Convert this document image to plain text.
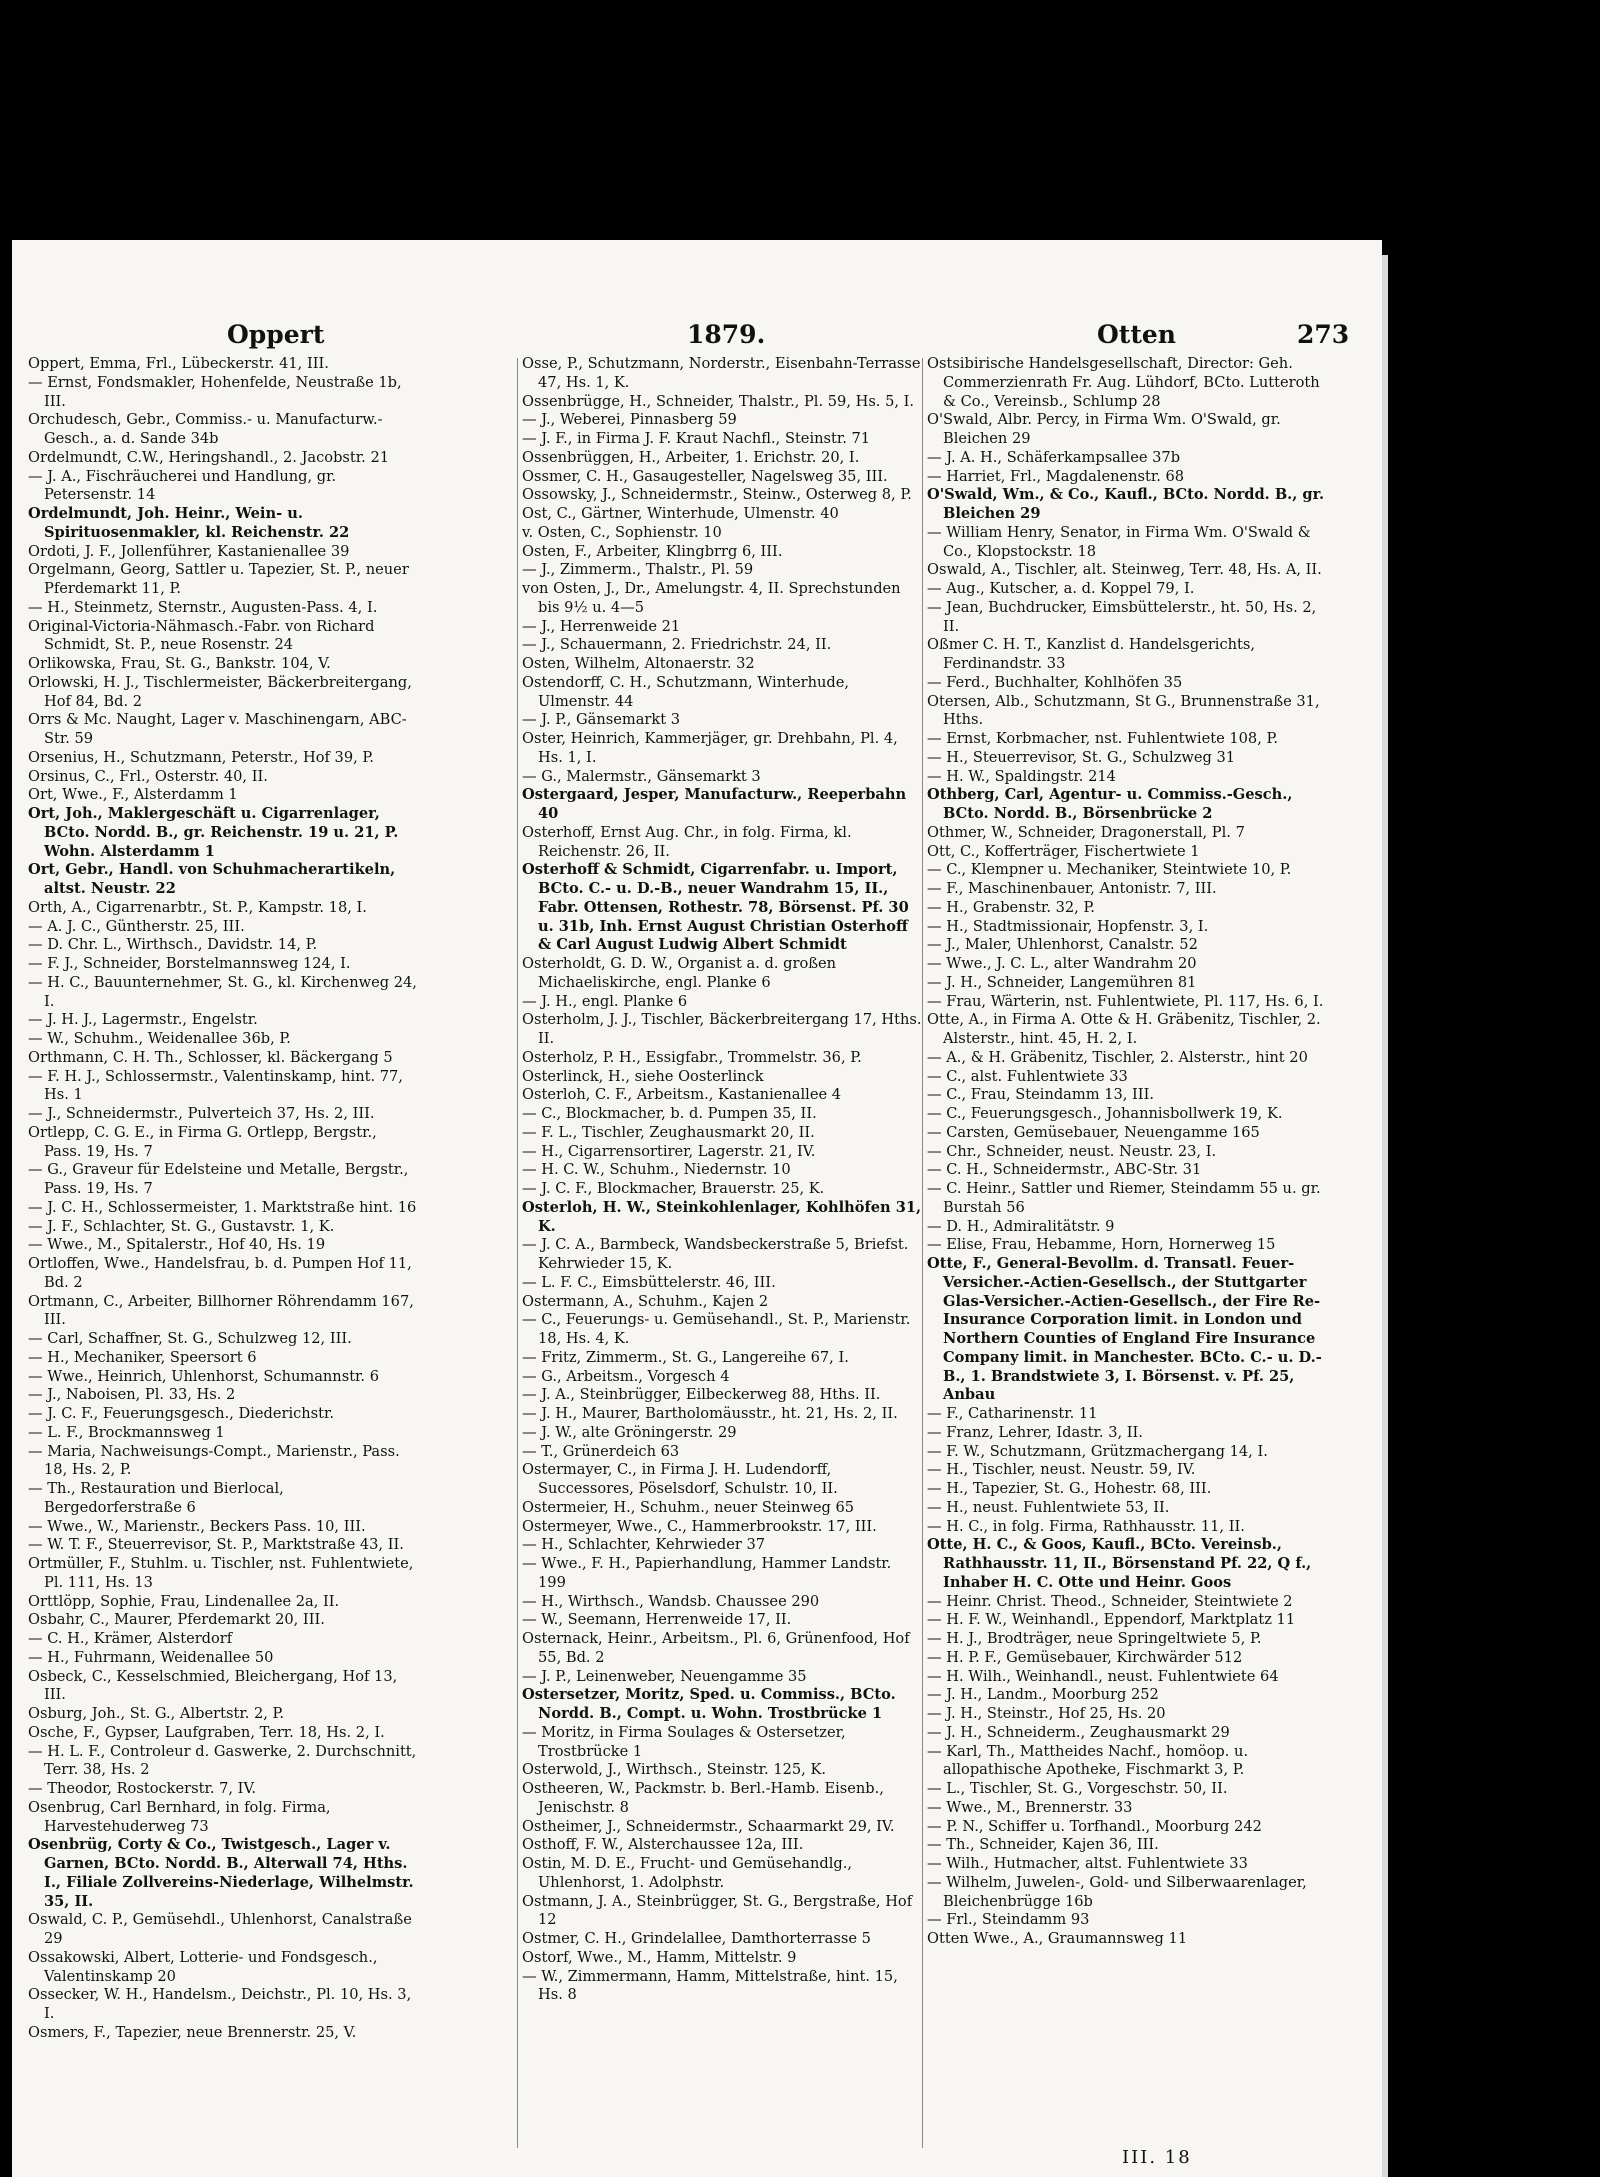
Oppert	1879.	Otten	273

Oppert, Emma, Frl., Lübeckerstr. 41, III.

— Ernst, Fondsmakler, Hohenfelde, Neustraße 1b, III.

Orchudesch, Gebr., Commiss.- u. Manufacturw.-Gesch., a. d. Sande 34b

Ordelmundt, C.W., Heringshandl., 2. Jacobstr. 21

— J. A., Fischräucherei und Handlung, gr. Petersenstr. 14

Ordelmundt, Joh. Heinr., Wein- u. Spirituosenmakler, kl. Reichenstr. 22

Ordoti, J. F., Jollenführer, Kastanienallee 39

Orgelmann, Georg, Sattler u. Tapezier, St. P., neuer Pferdemarkt 11, P.

— H., Steinmetz, Sternstr., Augusten-Pass. 4, I.

Original-Victoria-Nähmasch.-Fabr. von Richard Schmidt, St. P., neue Rosenstr. 24

Orlikowska, Frau, St. G., Bankstr. 104, V.

Orlowski, H. J., Tischlermeister, Bäckerbreitergang, Hof 84, Bd. 2

Orrs & Mc. Naught, Lager v. Maschinengarn, ABC-Str. 59

Orsenius, H., Schutzmann, Peterstr., Hof 39, P.

Orsinus, C., Frl., Osterstr. 40, II.

Ort, Wwe., F., Alsterdamm 1

Ort, Joh., Maklergeschäft u. Cigarrenlager, BCto. Nordd. B., gr. Reichenstr. 19 u. 21, P. Wohn. Alsterdamm 1

Ort, Gebr., Handl. von Schuhmacherartikeln, altst. Neustr. 22

Orth, A., Cigarrenarbtr., St. P., Kampstr. 18, I.

— A. J. C., Güntherstr. 25, III.

— D. Chr. L., Wirthsch., Davidstr. 14, P.

— F. J., Schneider, Borstelmannsweg 124, I.

— H. C., Bauunternehmer, St. G., kl. Kirchenweg 24, I.

— J. H. J., Lagermstr., Engelstr.

— W., Schuhm., Weidenallee 36b, P.

Orthmann, C. H. Th., Schlosser, kl. Bäckergang 5

— F. H. J., Schlossermstr., Valentinskamp, hint. 77, Hs. 1

— J., Schneidermstr., Pulverteich 37, Hs. 2, III.

Ortlepp, C. G. E., in Firma G. Ortlepp, Bergstr., Pass. 19, Hs. 7

— G., Graveur für Edelsteine und Metalle, Bergstr., Pass. 19, Hs. 7

— J. C. H., Schlossermeister, 1. Marktstraße hint. 16

— J. F., Schlachter, St. G., Gustavstr. 1, K.

— Wwe., M., Spitalerstr., Hof 40, Hs. 19

Ortloffen, Wwe., Handelsfrau, b. d. Pumpen Hof 11, Bd. 2

Ortmann, C., Arbeiter, Billhorner Röhrendamm 167, III.

— Carl, Schaffner, St. G., Schulzweg 12, III.

— H., Mechaniker, Speersort 6

— Wwe., Heinrich, Uhlenhorst, Schumannstr. 6

— J., Naboisen, Pl. 33, Hs. 2

— J. C. F., Feuerungsgesch., Diederichstr.

— L. F., Brockmannsweg 1

— Maria, Nachweisungs-Compt., Marienstr., Pass. 18, Hs. 2, P.

— Th., Restauration und Bierlocal, Bergedorferstraße 6

— Wwe., W., Marienstr., Beckers Pass. 10, III.

— W. T. F., Steuerrevisor, St. P., Marktstraße 43, II.

Ortmüller, F., Stuhlm. u. Tischler, nst. Fuhlentwiete, Pl. 111, Hs. 13

Orttlöpp, Sophie, Frau, Lindenallee 2a, II.

Osbahr, C., Maurer, Pferdemarkt 20, III.

— C. H., Krämer, Alsterdorf

— H., Fuhrmann, Weidenallee 50

Osbeck, C., Kesselschmied, Bleichergang, Hof 13, III.

Osburg, Joh., St. G., Albertstr. 2, P.

Osche, F., Gypser, Laufgraben, Terr. 18, Hs. 2, I.

— H. L. F., Controleur d. Gaswerke, 2. Durchschnitt, Terr. 38, Hs. 2

— Theodor, Rostockerstr. 7, IV.

Osenbrug, Carl Bernhard, in folg. Firma, Harvestehuderweg 73

Osenbrüg, Corty & Co., Twistgesch., Lager v. Garnen, BCto. Nordd. B., Alterwall 74, Hths. I., Filiale Zollvereins-Niederlage, Wilhelmstr. 35, II.

Oswald, C. P., Gemüsehdl., Uhlenhorst, Canalstraße 29

Ossakowski, Albert, Lotterie- und Fondsgesch., Valentinskamp 20

Ossecker, W. H., Handelsm., Deichstr., Pl. 10, Hs. 3, I.

Osmers, F., Tapezier, neue Brennerstr. 25, V.

Osse, P., Schutzmann, Norderstr., Eisenbahn-Terrasse 47, Hs. 1, K.

Ossenbrügge, H., Schneider, Thalstr., Pl. 59, Hs. 5, I.

— J., Weberei, Pinnasberg 59

— J. F., in Firma J. F. Kraut Nachfl., Steinstr. 71

Ossenbrüggen, H., Arbeiter, 1. Erichstr. 20, I.

Ossmer, C. H., Gasaugesteller, Nagelsweg 35, III.

Ossowsky, J., Schneidermstr., Steinw., Osterweg 8, P.

Ost, C., Gärtner, Winterhude, Ulmenstr. 40

v. Osten, C., Sophienstr. 10

Osten, F., Arbeiter, Klingbrrg 6, III.

— J., Zimmerm., Thalstr., Pl. 59

von Osten, J., Dr., Amelungstr. 4, II. Sprechstunden bis 9½ u. 4—5

— J., Herrenweide 21

— J., Schauermann, 2. Friedrichstr. 24, II.

Osten, Wilhelm, Altonaerstr. 32

Ostendorff, C. H., Schutzmann, Winterhude, Ulmenstr. 44

— J. P., Gänsemarkt 3

Oster, Heinrich, Kammerjäger, gr. Drehbahn, Pl. 4, Hs. 1, I.

— G., Malermstr., Gänsemarkt 3

Ostergaard, Jesper, Manufacturw., Reeperbahn 40

Osterhoff, Ernst Aug. Chr., in folg. Firma, kl. Reichenstr. 26, II.

Osterhoff & Schmidt, Cigarrenfabr. u. Import, BCto. C.- u. D.-B., neuer Wandrahm 15, II., Fabr. Ottensen, Rothestr. 78, Börsenst. Pf. 30 u. 31b, Inh. Ernst August Christian Osterhoff & Carl August Ludwig Albert Schmidt

Osterholdt, G. D. W., Organist a. d. großen Michaeliskirche, engl. Planke 6

— J. H., engl. Planke 6

Osterholm, J. J., Tischler, Bäckerbreitergang 17, Hths. II.

Osterholz, P. H., Essigfabr., Trommelstr. 36, P.

Osterlinck, H., siehe Oosterlinck

Osterloh, C. F., Arbeitsm., Kastanienallee 4

— C., Blockmacher, b. d. Pumpen 35, II.

— F. L., Tischler, Zeughausmarkt 20, II.

— H., Cigarrensortirer, Lagerstr. 21, IV.

— H. C. W., Schuhm., Niedernstr. 10

— J. C. F., Blockmacher, Brauerstr. 25, K.

Osterloh, H. W., Steinkohlenlager, Kohlhöfen 31, K.

— J. C. A., Barmbeck, Wandsbeckerstraße 5, Briefst. Kehrwieder 15, K.

— L. F. C., Eimsbüttelerstr. 46, III.

Ostermann, A., Schuhm., Kajen 2

— C., Feuerungs- u. Gemüsehandl., St. P., Marienstr. 18, Hs. 4, K.

— Fritz, Zimmerm., St. G., Langereihe 67, I.

— G., Arbeitsm., Vorgesch 4

— J. A., Steinbrügger, Eilbeckerweg 88, Hths. II.

— J. H., Maurer, Bartholomäusstr., ht. 21, Hs. 2, II.

— J. W., alte Gröningerstr. 29

— T., Grünerdeich 63

Ostermayer, C., in Firma J. H. Ludendorff, Successores, Pöselsdorf, Schulstr. 10, II.

Ostermeier, H., Schuhm., neuer Steinweg 65

Ostermeyer, Wwe., C., Hammerbrookstr. 17, III.

— H., Schlachter, Kehrwieder 37

— Wwe., F. H., Papierhandlung, Hammer Landstr. 199

— H., Wirthsch., Wandsb. Chaussee 290

— W., Seemann, Herrenweide 17, II.

Osternack, Heinr., Arbeitsm., Pl. 6, Grünenfood, Hof 55, Bd. 2

— J. P., Leinenweber, Neuengamme 35

Ostersetzer, Moritz, Sped. u. Commiss., BCto. Nordd. B., Compt. u. Wohn. Trostbrücke 1

— Moritz, in Firma Soulages & Ostersetzer, Trostbrücke 1

Osterwold, J., Wirthsch., Steinstr. 125, K.

Ostheeren, W., Packmstr. b. Berl.-Hamb. Eisenb., Jenischstr. 8

Ostheimer, J., Schneidermstr., Schaarmarkt 29, IV.

Osthoff, F. W., Alsterchaussee 12a, III.

Ostin, M. D. E., Frucht- und Gemüsehandlg., Uhlenhorst, 1. Adolphstr.

Ostmann, J. A., Steinbrügger, St. G., Bergstraße, Hof 12

Ostmer, C. H., Grindelallee, Damthorterrasse 5

Ostorf, Wwe., M., Hamm, Mittelstr. 9

— W., Zimmermann, Hamm, Mittelstraße, hint. 15, Hs. 8

Ostsibirische Handelsgesellschaft, Director: Geh. Commerzienrath Fr. Aug. Lühdorf, BCto. Lutteroth & Co., Vereinsb., Schlump 28

O'Swald, Albr. Percy, in Firma Wm. O'Swald, gr. Bleichen 29

— J. A. H., Schäferkampsallee 37b

— Harriet, Frl., Magdalenenstr. 68

O'Swald, Wm., & Co., Kaufl., BCto. Nordd. B., gr. Bleichen 29

— William Henry, Senator, in Firma Wm. O'Swald & Co., Klopstockstr. 18

Oswald, A., Tischler, alt. Steinweg, Terr. 48, Hs. A, II.

— Aug., Kutscher, a. d. Koppel 79, I.

— Jean, Buchdrucker, Eimsbüttelerstr., ht. 50, Hs. 2, II.

Oßmer C. H. T., Kanzlist d. Handelsgerichts, Ferdinandstr. 33

— Ferd., Buchhalter, Kohlhöfen 35

Otersen, Alb., Schutzmann, St G., Brunnenstraße 31, Hths.

— Ernst, Korbmacher, nst. Fuhlentwiete 108, P.

— H., Steuerrevisor, St. G., Schulzweg 31

— H. W., Spaldingstr. 214

Othberg, Carl, Agentur- u. Commiss.-Gesch., BCto. Nordd. B., Börsenbrücke 2

Othmer, W., Schneider, Dragonerstall, Pl. 7

Ott, C., Kofferträger, Fischertwiete 1

— C., Klempner u. Mechaniker, Steintwiete 10, P.

— F., Maschinenbauer, Antonistr. 7, III.

— H., Grabenstr. 32, P.

— H., Stadtmissionair, Hopfenstr. 3, I.

— J., Maler, Uhlenhorst, Canalstr. 52

— Wwe., J. C. L., alter Wandrahm 20

— J. H., Schneider, Langemühren 81

— Frau, Wärterin, nst. Fuhlentwiete, Pl. 117, Hs. 6, I.

Otte, A., in Firma A. Otte & H. Gräbenitz, Tischler, 2. Alsterstr., hint. 45, H. 2, I.

— A., & H. Gräbenitz, Tischler, 2. Alsterstr., hint 20

— C., alst. Fuhlentwiete 33

— C., Frau, Steindamm 13, III.

— C., Feuerungsgesch., Johannisbollwerk 19, K.

— Carsten, Gemüsebauer, Neuengamme 165

— Chr., Schneider, neust. Neustr. 23, I.

— C. H., Schneidermstr., ABC-Str. 31

— C. Heinr., Sattler und Riemer, Steindamm 55 u. gr. Burstah 56

— D. H., Admiralitätstr. 9

— Elise, Frau, Hebamme, Horn, Hornerweg 15

Otte, F., General-Bevollm. d. Transatl. Feuer-Versicher.-Actien-Gesellsch., der Stuttgarter Glas-Versicher.-Actien-Gesellsch., der Fire Re-Insurance Corporation limit. in London und Northern Counties of England Fire Insurance Company limit. in Manchester. BCto. C.- u. D.-B., 1. Brandstwiete 3, I. Börsenst. v. Pf. 25, Anbau

— F., Catharinenstr. 11

— Franz, Lehrer, Idastr. 3, II.

— F. W., Schutzmann, Grützmachergang 14, I.

— H., Tischler, neust. Neustr. 59, IV.

— H., Tapezier, St. G., Hohestr. 68, III.

— H., neust. Fuhlentwiete 53, II.

— H. C., in folg. Firma, Rathhausstr. 11, II.

Otte, H. C., & Goos, Kaufl., BCto. Vereinsb., Rathhausstr. 11, II., Börsenstand Pf. 22, Q f., Inhaber H. C. Otte und Heinr. Goos

— Heinr. Christ. Theod., Schneider, Steintwiete 2

— H. F. W., Weinhandl., Eppendorf, Marktplatz 11

— H. J., Brodträger, neue Springeltwiete 5, P.

— H. P. F., Gemüsebauer, Kirchwärder 512

— H. Wilh., Weinhandl., neust. Fuhlentwiete 64

— J. H., Landm., Moorburg 252

— J. H., Steinstr., Hof 25, Hs. 20

— J. H., Schneiderm., Zeughausmarkt 29

— Karl, Th., Mattheides Nachf., homöop. u. allopathische Apotheke, Fischmarkt 3, P.

— L., Tischler, St. G., Vorgeschstr. 50, II.

— Wwe., M., Brennerstr. 33

— P. N., Schiffer u. Torfhandl., Moorburg 242

— Th., Schneider, Kajen 36, III.

— Wilh., Hutmacher, altst. Fuhlentwiete 33

— Wilhelm, Juwelen-, Gold- und Silberwaarenlager, Bleichenbrügge 16b

— Frl., Steindamm 93

Otten Wwe., A., Graumannsweg 11

III. 18
